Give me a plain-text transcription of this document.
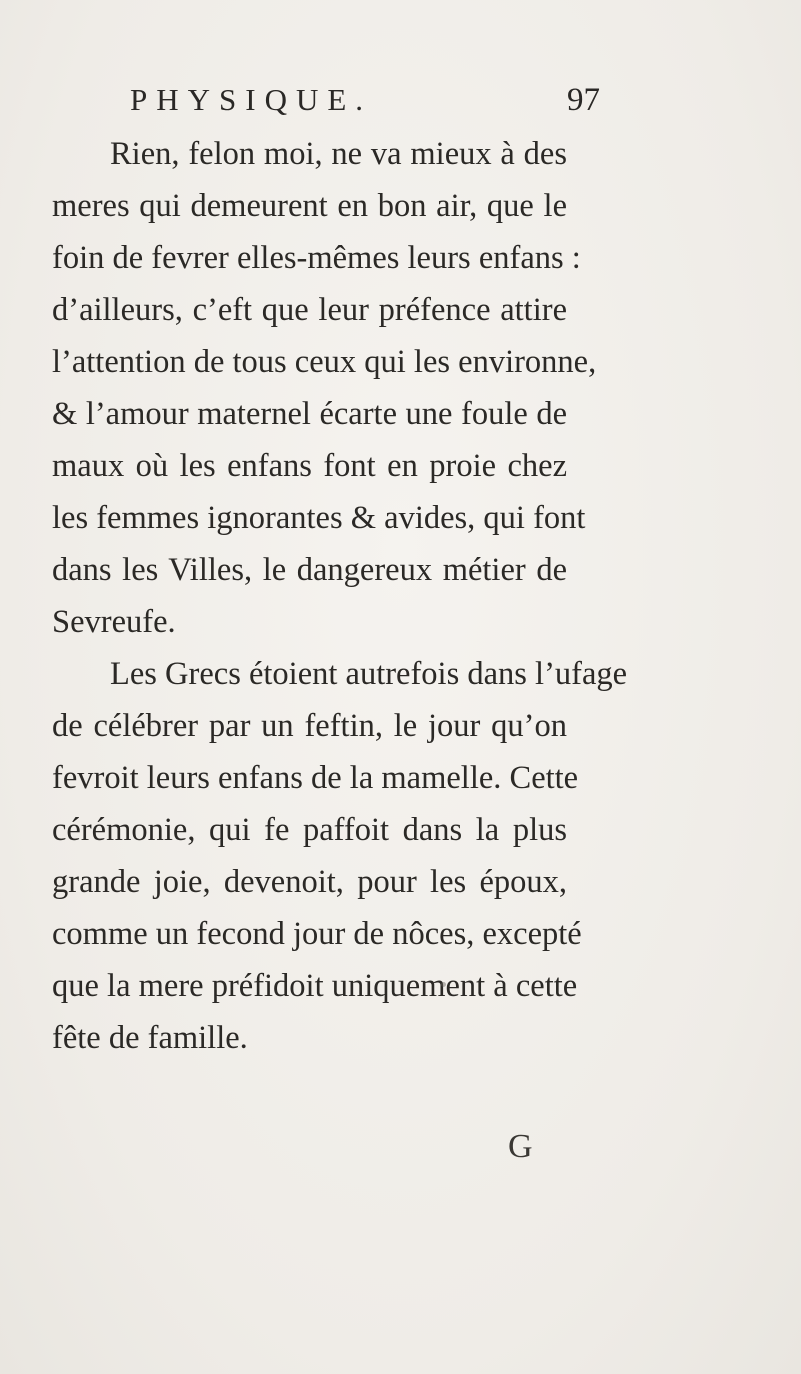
PHYSIQUE.	97
Rien, felon moi, ne va mieux à des
meres qui demeurent en bon air, que le
foin de fevrer elles-mêmes leurs enfans :
d’ailleurs, c’eft que leur préfence attire
l’attention de tous ceux qui les environne,
& l’amour maternel écarte une foule de
maux où les enfans font en proie chez
les femmes ignorantes & avides, qui font
dans les Villes, le dangereux métier de
Sevreufe.
Les Grecs étoient autrefois dans l’ufage
de célébrer par un feftin, le jour qu’on
fevroit leurs enfans de la mamelle. Cette
cérémonie, qui fe paffoit dans la plus
grande joie, devenoit, pour les époux,
comme un fecond jour de nôces, excepté
que la mere préfidoit uniquement à cette
fête de famille.
G
